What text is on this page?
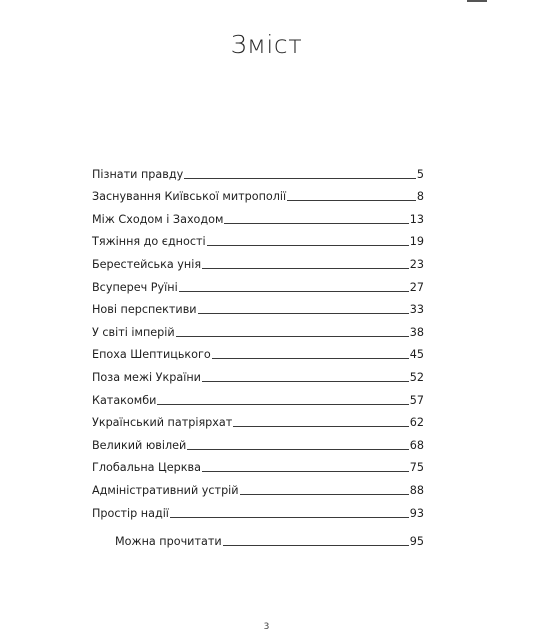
Зміст
Пізнати правду	5
Заснування Київської митрополії	8
Між Сходом і Заходом	13
Тяжіння до єдності	19
Берестейська унія	23
Всупереч Руїні	27
Нові перспективи	33
У світі імперій	38
Епоха Шептицького	45
Поза межі України	52
Катакомби	57
Український патріярхат	62
Великий ювілей	68
Глобальна Церква	75
Адміністративний устрій	88
Простір надії	93
Можна прочитати	95
3
